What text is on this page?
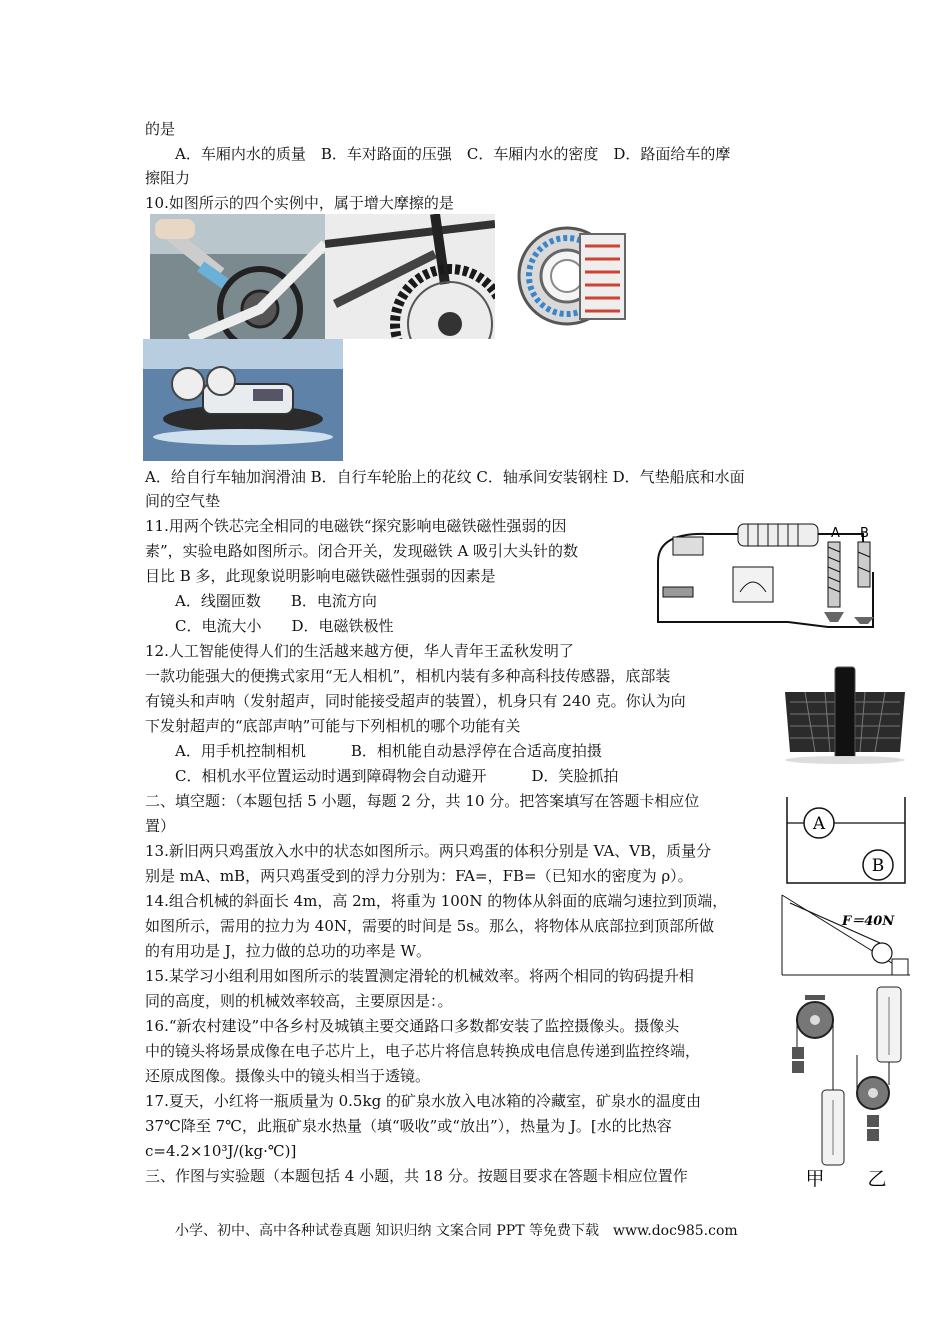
的是
A．车厢内水的质量　B．车对路面的压强　C．车厢内水的密度　D．路面给车的摩
擦阻力
10.如图所示的四个实例中，属于增大摩擦的是
A．给自行车轴加润滑油 B．自行车轮胎上的花纹 C．轴承间安装钢柱 D．气垫船底和水面
间的空气垫
11.用两个铁芯完全相同的电磁铁“探究影响电磁铁磁性强弱的因
素”，实验电路如图所示。闭合开关，发现磁铁 A 吸引大头针的数
目比 B 多，此现象说明影响电磁铁磁性强弱的因素是
A．线圈匝数　　B．电流方向
C．电流大小　　D．电磁铁极性
A B
12.人工智能使得人们的生活越来越方便，华人青年王孟秋发明了
一款功能强大的便携式家用“无人相机”，相机内装有多种高科技传感器，底部装
有镜头和声呐（发射超声，同时能接受超声的装置），机身只有 240 克。你认为向
下发射超声的“底部声呐”可能与下列相机的哪个功能有关
A．用手机控制相机　　　B．相机能自动悬浮停在合适高度拍摄
C．相机水平位置运动时遇到障碍物会自动避开　　　D．笑脸抓拍
二、填空题：（本题包括 5 小题，每题 2 分，共 10 分。把答案填写在答题卡相应位
置）	A
B
13.新旧两只鸡蛋放入水中的状态如图所示。两只鸡蛋的体积分别是 VA、VB，质量分
别是 mA、mB，两只鸡蛋受到的浮力分别为：FA=，FB=（已知水的密度为 ρ）。
14.组合机械的斜面长 4m，高 2m，将重为 100N 的物体从斜面的底端匀速拉到顶端，
如图所示，需用的拉力为 40N，需要的时间是 5s。那么，将物体从底部拉到顶部所做
的有用功是 J，拉力做的总功的功率是 W。
F＝40N
15.某学习小组利用如图所示的装置测定滑轮的机械效率。将两个相同的钩码提升相
同的高度，则的机械效率较高，主要原因是：。
甲 乙
16.“新农村建设”中各乡村及城镇主要交通路口多数都安装了监控摄像头。摄像头
中的镜头将场景成像在电子芯片上，电子芯片将信息转换成电信息传递到监控终端，
还原成图像。摄像头中的镜头相当于透镜。
17.夏天，小红将一瓶质量为 0.5kg 的矿泉水放入电冰箱的冷藏室，矿泉水的温度由
37℃降至 7℃，此瓶矿泉水热量（填“吸收”或“放出”），热量为 J。[水的比热容
c=4.2×10³J/(kg·℃)]
三、作图与实验题（本题包括 4 小题，共 18 分。按题目要求在答题卡相应位置作
小学、初中、高中各种试卷真题 知识归纳 文案合同 PPT 等免费下载　www.doc985.com
